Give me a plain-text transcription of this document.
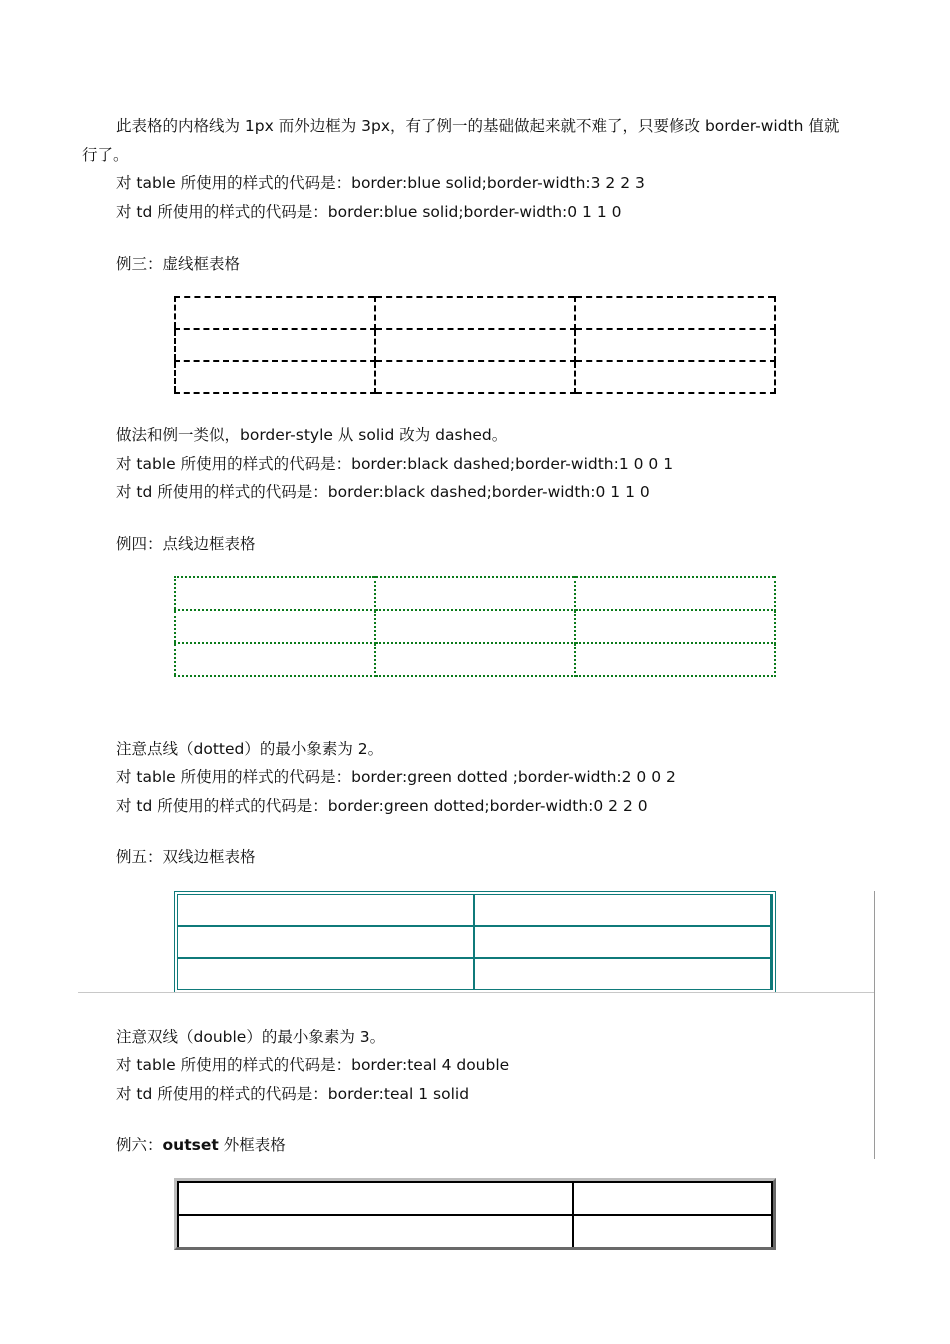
此表格的内格线为 1px 而外边框为 3px，有了例一的基础做起来就不难了，只要修改 border-width 值就
行了。
对 table 所使用的样式的代码是：border:blue solid;border-width:3 2 2 3
对 td 所使用的样式的代码是：border:blue solid;border-width:0 1 1 0
例三：虚线框表格

做法和例一类似，border-style 从 solid 改为 dashed。
对 table 所使用的样式的代码是：border:black dashed;border-width:1 0 0 1
对 td 所使用的样式的代码是：border:black dashed;border-width:0 1 1 0
例四：点线边框表格

注意点线（dotted）的最小象素为 2。
对 table 所使用的样式的代码是：border:green dotted ;border-width:2 0 0 2
对 td 所使用的样式的代码是：border:green dotted;border-width:0 2 2 0
例五：双线边框表格

注意双线（double）的最小象素为 3。
对 table 所使用的样式的代码是：border:teal 4 double
对 td 所使用的样式的代码是：border:teal 1 solid
例六：outset 外框表格
